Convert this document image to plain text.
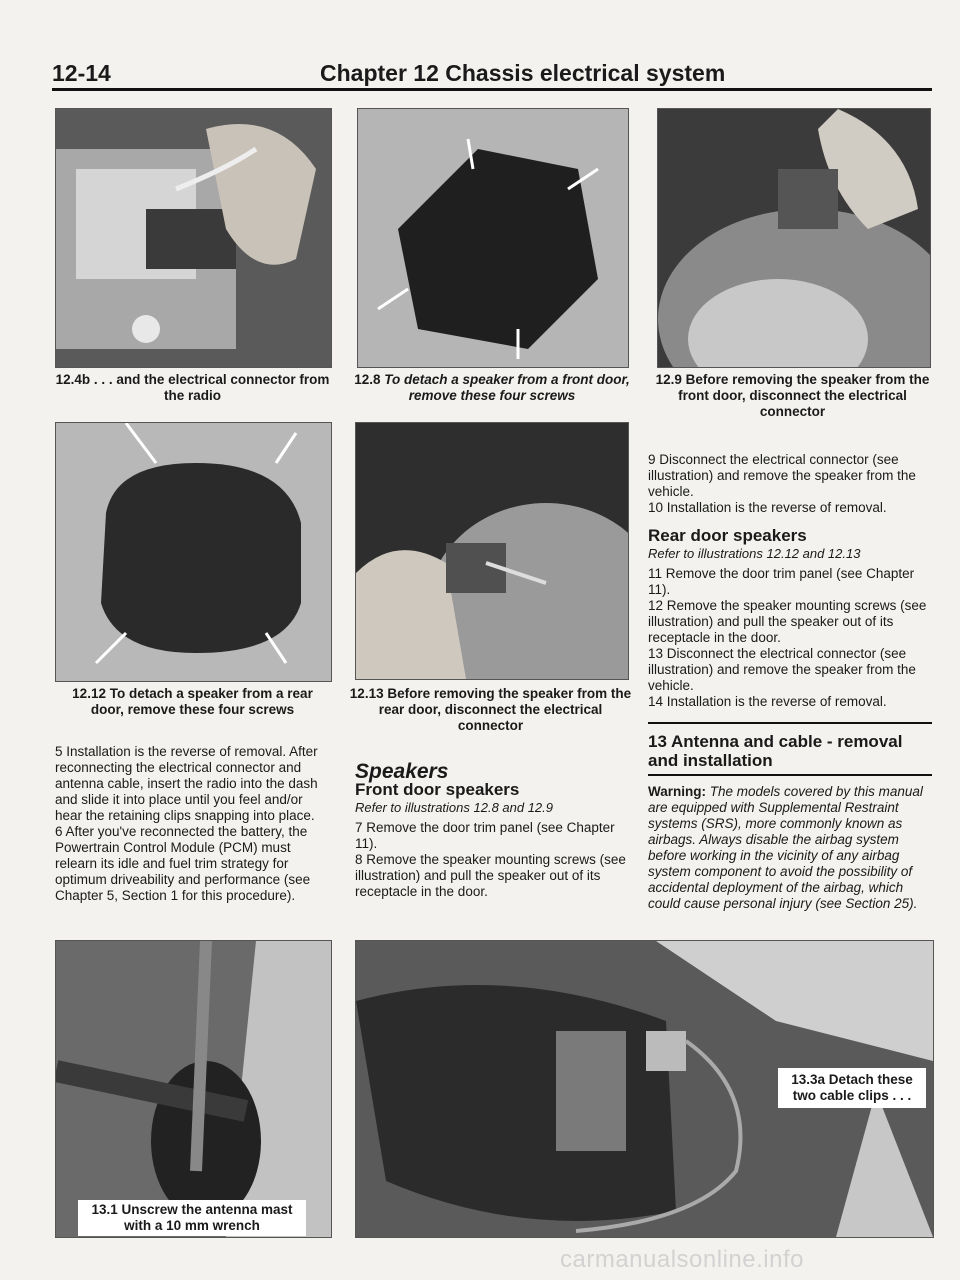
12-14	Chapter 12 Chassis electrical system
12.4b . . . and the electrical connector from the radio
12.8 To detach a speaker from a front door, remove these four screws
12.9 Before removing the speaker from the front door, disconnect the electrical connector
12.12 To detach a speaker from a rear door, remove these four screws
12.13 Before removing the speaker from the rear door, disconnect the electrical connector

9 Disconnect the electrical connector (see illustration) and remove the speaker from the vehicle.

10 Installation is the reverse of removal.

Rear door speakers

Refer to illustrations 12.12 and 12.13

11 Remove the door trim panel (see Chapter 11).

12 Remove the speaker mounting screws (see illustration) and pull the speaker out of its receptacle in the door.

13 Disconnect the electrical connector (see illustration) and remove the speaker from the vehicle.

14 Installation is the reverse of removal.

13 Antenna and cable - removal and installation
Warning: The models covered by this manual are equipped with Supplemental Restraint systems (SRS), more commonly known as airbags. Always disable the airbag system before working in the vicinity of any airbag system component to avoid the possibility of accidental deployment of the airbag, which could cause personal injury (see Section 25).

5 Installation is the reverse of removal. After reconnecting the electrical connector and antenna cable, insert the radio into the dash and slide it into place until you feel and/or hear the retaining clips snapping into place.

6 After you've reconnected the battery, the Powertrain Control Module (PCM) must relearn its idle and fuel trim strategy for optimum driveability and performance (see Chapter 5, Section 1 for this procedure).

Speakers

Front door speakers

Refer to illustrations 12.8 and 12.9

7 Remove the door trim panel (see Chapter 11).

8 Remove the speaker mounting screws (see illustration) and pull the speaker out of its receptacle in the door.

13.1 Unscrew the antenna mast with a 10 mm wrench
13.3a Detach these two cable clips . . .
carmanualsonline.info
